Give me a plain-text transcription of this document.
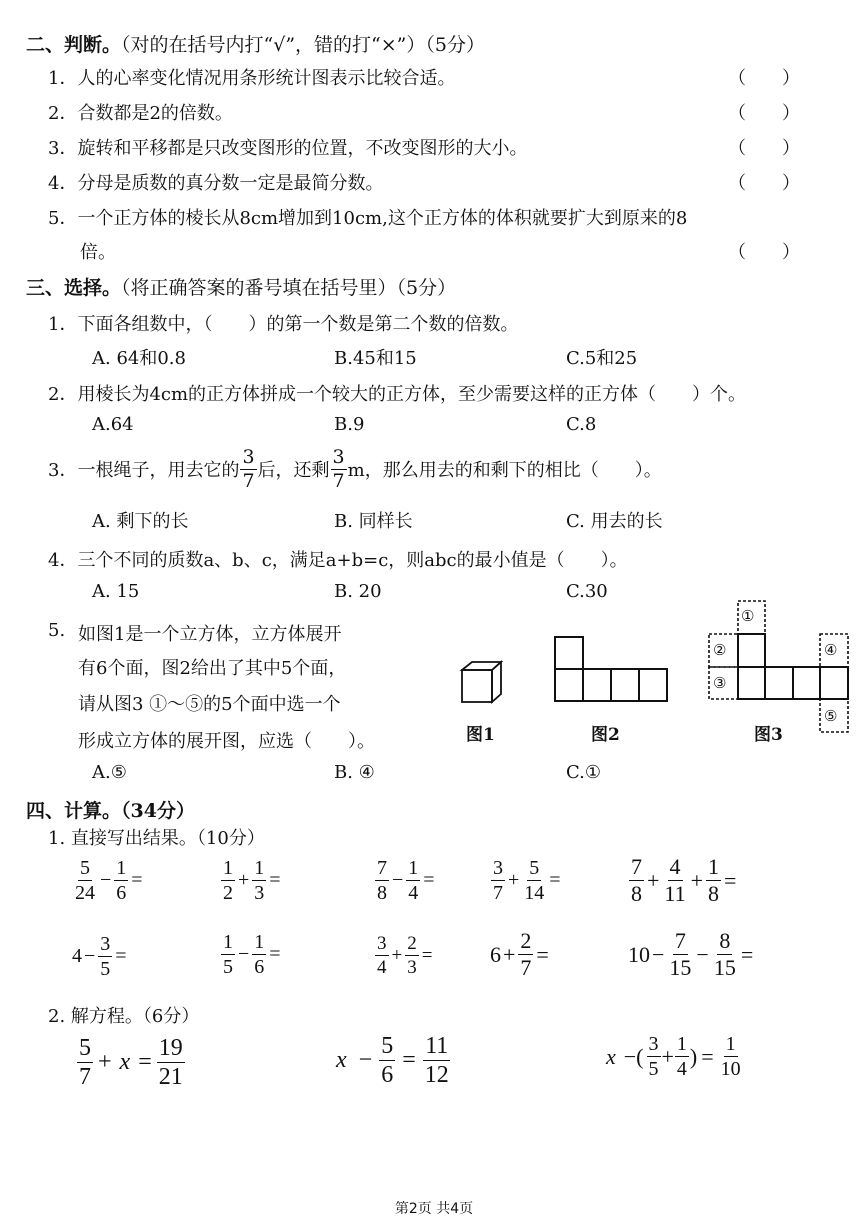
二、判断。（对的在括号内打“√”，错的打“×”）（5分）
1．人的心率变化情况用条形统计图表示比较合适。	（　　）
2．合数都是2的倍数。	（　　）
3．旋转和平移都是只改变图形的位置，不改变图形的大小。	（　　）
4．分母是质数的真分数一定是最简分数。	（　　）
5．一个正方体的棱长从8cm增加到10cm,这个正方体的体积就要扩大到原来的8
倍。	（　　）
三、选择。（将正确答案的番号填在括号里）（5分）
1．下面各组数中，（　　）的第一个数是第二个数的倍数。
A. 64和0.8	B.45和15	C.5和25
2．用棱长为4cm的正方体拼成一个较大的正方体，至少需要这样的正方体（　　）个。
A.64	B.9	C.8
3． 一根绳子，用去它的 $\frac{3}{7}$ 后，还剩 $\frac{3}{7}$ m，那么用去的和剩下的相比（　　）。
A. 剩下的长	B. 同样长	C. 用去的长
4．三个不同的质数a、b、c，满足a+b=c，则abc的最小值是（　　）。
A. 15	B. 20	C.30
5. 如图1是一个立方体，立方体展开
有6个面，图2给出了其中5个面，
请从图3 ①～⑤的5个面中选一个
形成立方体的展开图，应选（　　）。	图1	图2
①
②
③
④
⑤
图3
A.⑤	B. ④	C.①
四、计算。（34分）
1. 直接写出结果。（10分）
$\frac{5}{24} - \frac{1}{6}$ =	$\frac{1}{2} + \frac{1}{3}$ =	$\frac{7}{8} - \frac{1}{4}$ =	$\frac{3}{7} + \frac{5}{14}$ =	$\frac{7}{8} + \frac{4}{11} + \frac{1}{8}$ =
$4 - \frac{3}{5}$ =	$\frac{1}{5} - \frac{1}{6}$ =	$\frac{3}{4} + \frac{2}{3}$ =	$6 + \frac{2}{7}$ =	$10 - \frac{7}{15} - \frac{8}{15}$ =
2. 解方程。（6分）
$\frac{5}{7} + x = \frac{19}{21}$	$x - \frac{5}{6} = \frac{11}{12}$	x −( $\frac{3}{5} + \frac{1}{4}$ ) = $\frac{1}{10}$
第2页 共4页
